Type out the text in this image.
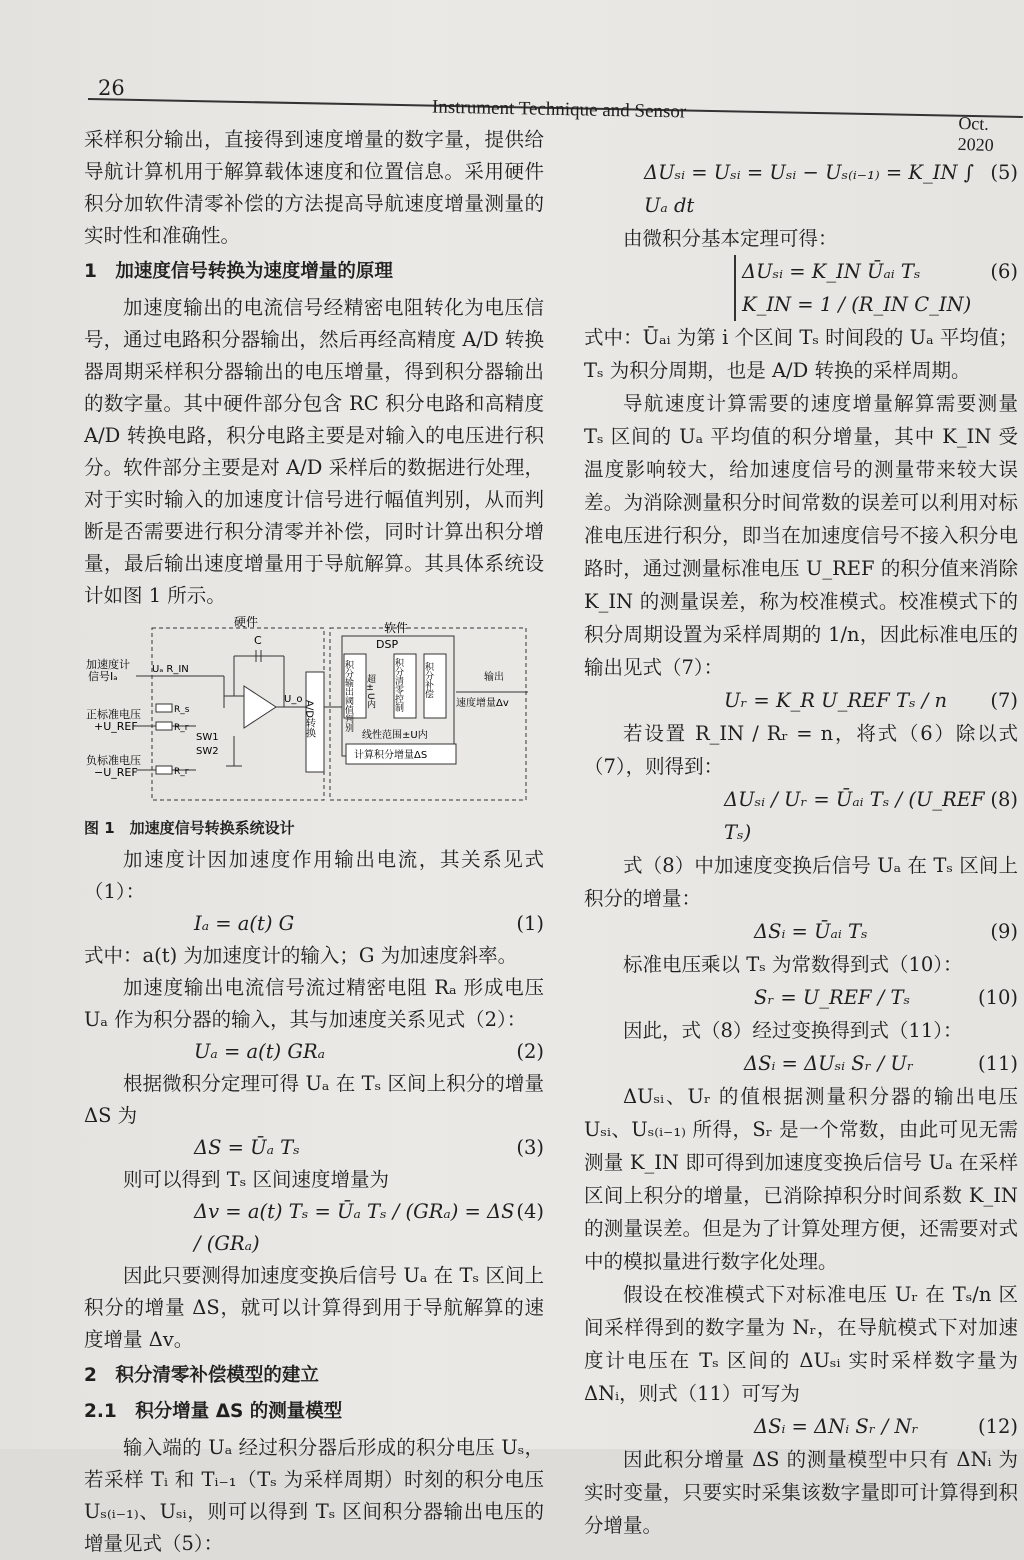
26
Instrument Technique and Sensor
Oct. 2020

采样积分输出，直接得到速度增量的数字量，提供给导航计算机用于解算载体速度和位置信息。采用硬件积分加软件清零补偿的方法提高导航速度增量测量的实时性和准确性。

1　加速度信号转换为速度增量的原理

加速度输出的电流信号经精密电阻转化为电压信号，通过电路积分器输出，然后再经高精度 A/D 转换器周期采样积分器输出的电压增量，得到积分器输出的数字量。其中硬件部分包含 RC 积分电路和高精度 A/D 转换电路，积分电路主要是对输入的电压进行积分。软件部分主要是对 A/D 采样后的数据进行处理，对于实时输入的加速度计信号进行幅值判别，从而判断是否需要进行积分清零并补偿，同时计算出积分增量，最后输出速度增量用于导航解算。其具体系统设计如图 1 所示。

硬件	软件
加速度计
信号Iₐ
正标准电压
+U_REF
负标准电压
−U_REF
Uₐ R_IN
R_s
R_r
R_r
SW1
SW2
C
U_o
A/D转换
DSP
积分输出阈值判别 超±U内 积分清零控制 积分补偿
线性范围±U内
计算积分增量ΔS
输出
速度增量Δv

图 1　加速度信号转换系统设计

加速度计因加速度作用输出电流，其关系见式（1）：

Iₐ = a(t) G	(1)

式中：a(t) 为加速度计的输入；G 为加速度斜率。

加速度输出电流信号流过精密电阻 Rₐ 形成电压 Uₐ 作为积分器的输入，其与加速度关系见式（2）：

Uₐ = a(t) GRₐ	(2)

根据微积分定理可得 Uₐ 在 Tₛ 区间上积分的增量 ΔS 为

ΔS = Ūₐ Tₛ	(3)

则可以得到 Tₛ 区间速度增量为

Δv = a(t) Tₛ = Ūₐ Tₛ / (GRₐ) = ΔS / (GRₐ)
(4)

因此只要测得加速度变换后信号 Uₐ 在 Tₛ 区间上积分的增量 ΔS，就可以计算得到用于导航解算的速度增量 Δv。

2　积分清零补偿模型的建立

2.1　积分增量 ΔS 的测量模型

输入端的 Uₐ 经过积分器后形成的积分电压 Uₛ，若采样 Tᵢ 和 Tᵢ₋₁（Tₛ 为采样周期）时刻的积分电压 Uₛ₍ᵢ₋₁₎、Uₛᵢ，则可以得到 Tₛ 区间积分器输出电压的增量见式（5）：

ΔUₛᵢ = Uₛᵢ = Uₛᵢ − Uₛ₍ᵢ₋₁₎ = K_IN ∫ Uₐ dt
(5)

由微积分基本定理可得：

ΔUₛᵢ = K_IN Ūₐᵢ Tₛ
K_IN = 1 / (R_IN C_IN)
(6)

式中：Ūₐᵢ 为第 i 个区间 Tₛ 时间段的 Uₐ 平均值；Tₛ 为积分周期，也是 A/D 转换的采样周期。

导航速度计算需要的速度增量解算需要测量 Tₛ 区间的 Uₐ 平均值的积分增量，其中 K_IN 受温度影响较大，给加速度信号的测量带来较大误差。为消除测量积分时间常数的误差可以利用对标准电压进行积分，即当在加速度信号不接入积分电路时，通过测量标准电压 U_REF 的积分值来消除 K_IN 的测量误差，称为校准模式。校准模式下的积分周期设置为采样周期的 1/n，因此标准电压的输出见式（7）：

Uᵣ = K_R U_REF Tₛ / n (7)

若设置 R_IN / Rᵣ = n，将式（6）除以式（7），则得到：

ΔUₛᵢ / Uᵣ = Ūₐᵢ Tₛ / (U_REF Tₛ)
(8)

式（8）中加速度变换后信号 Uₐ 在 Tₛ 区间上积分的增量：

ΔSᵢ = Ūₐᵢ Tₛ	(9)

标准电压乘以 Tₛ 为常数得到式（10）：

Sᵣ = U_REF / Tₛ	(10)

因此，式（8）经过变换得到式（11）：

ΔSᵢ = ΔUₛᵢ Sᵣ / Uᵣ	(11)

ΔUₛᵢ、Uᵣ 的值根据测量积分器的输出电压 Uₛᵢ、Uₛ₍ᵢ₋₁₎ 所得，Sᵣ 是一个常数，由此可见无需测量 K_IN 即可得到加速度变换后信号 Uₐ 在采样区间上积分的增量，已消除掉积分时间系数 K_IN 的测量误差。但是为了计算处理方便，还需要对式中的模拟量进行数字化处理。

假设在校准模式下对标准电压 Uᵣ 在 Tₛ/n 区间采样得到的数字量为 Nᵣ，在导航模式下对加速度计电压在 Tₛ 区间的 ΔUₛᵢ 实时采样数字量为 ΔNᵢ，则式（11）可写为

ΔSᵢ = ΔNᵢ Sᵣ / Nᵣ	(12)

因此积分增量 ΔS 的测量模型中只有 ΔNᵢ 为实时变量，只要实时采集该数字量即可计算得到积分增量。
